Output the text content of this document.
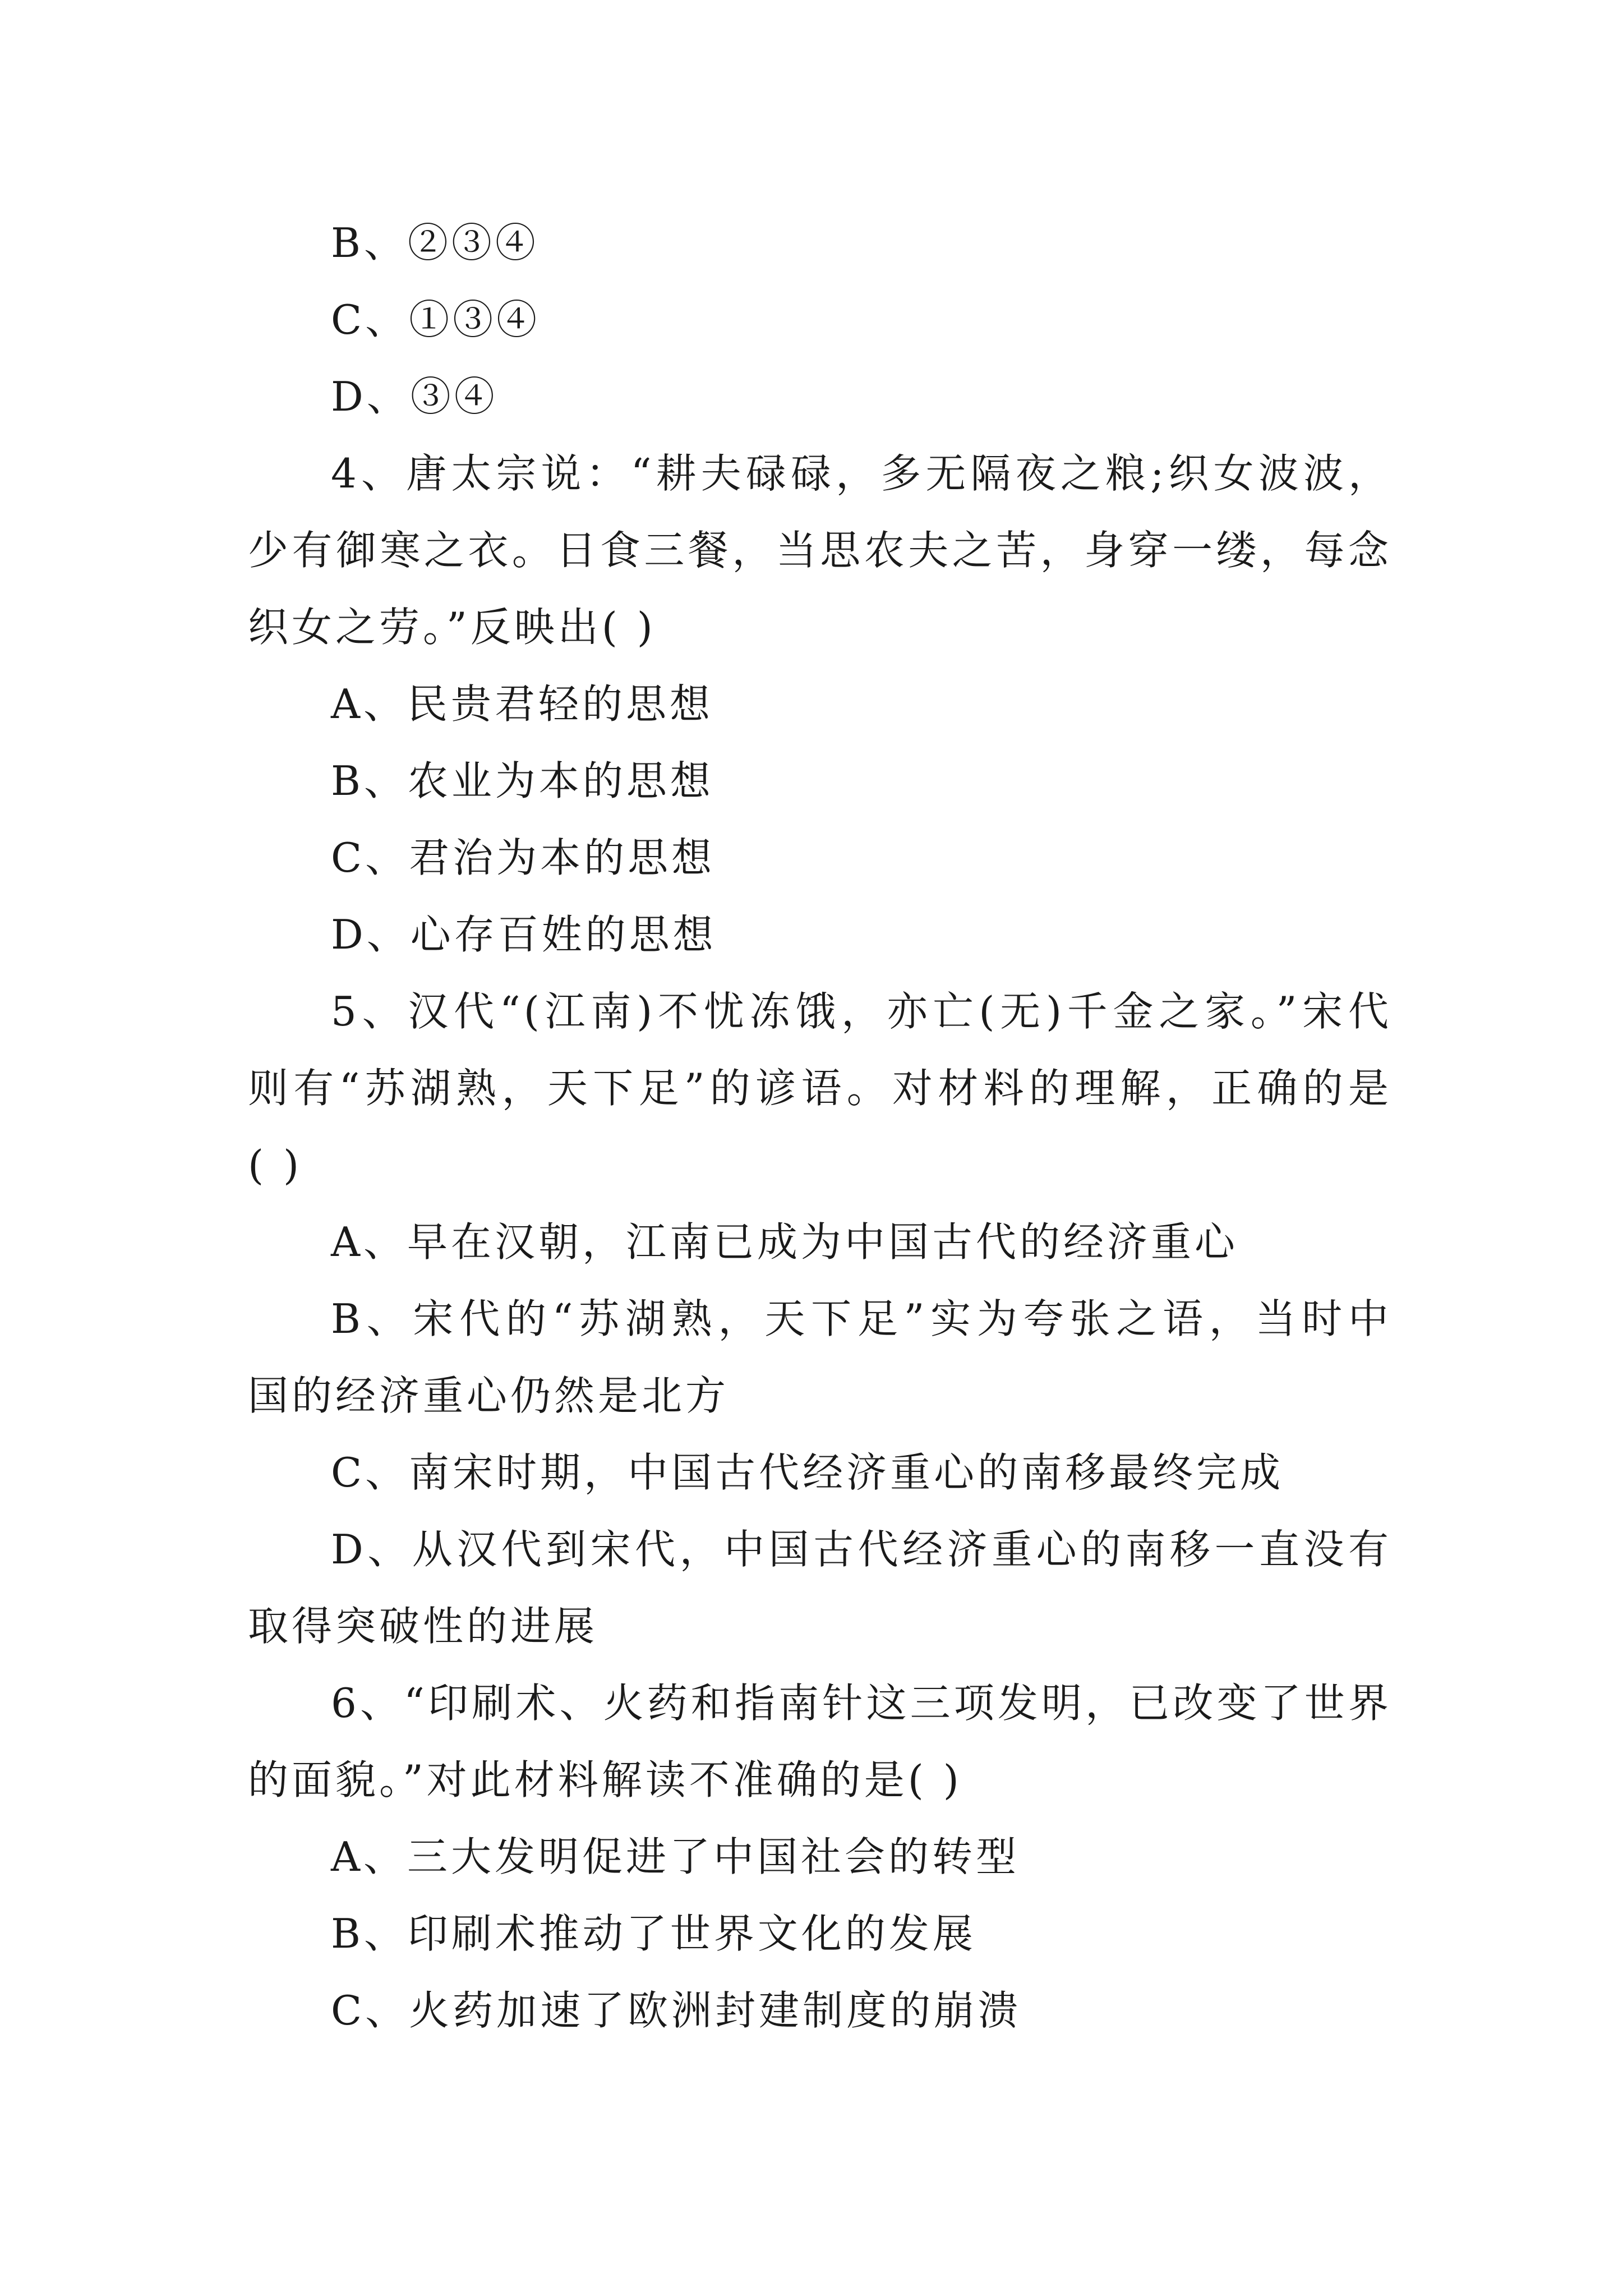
B、②③④
C、①③④
D、③④
4、唐太宗说：“耕夫碌碌，多无隔夜之粮;织女波波，
少有御寒之衣。日食三餐，当思农夫之苦，身穿一缕，每念
织女之劳。”反映出( )
A、民贵君轻的思想
B、农业为本的思想
C、君治为本的思想
D、心存百姓的思想
5、汉代“(江南)不忧冻饿，亦亡(无)千金之家。”宋代
则有“苏湖熟，天下足”的谚语。对材料的理解，正确的是
( )
A、早在汉朝，江南已成为中国古代的经济重心
B、宋代的“苏湖熟，天下足”实为夸张之语，当时中
国的经济重心仍然是北方
C、南宋时期，中国古代经济重心的南移最终完成
D、从汉代到宋代，中国古代经济重心的南移一直没有
取得突破性的进展
6、“印刷术、火药和指南针这三项发明，已改变了世界
的面貌。”对此材料解读不准确的是( )
A、三大发明促进了中国社会的转型
B、印刷术推动了世界文化的发展
C、火药加速了欧洲封建制度的崩溃
